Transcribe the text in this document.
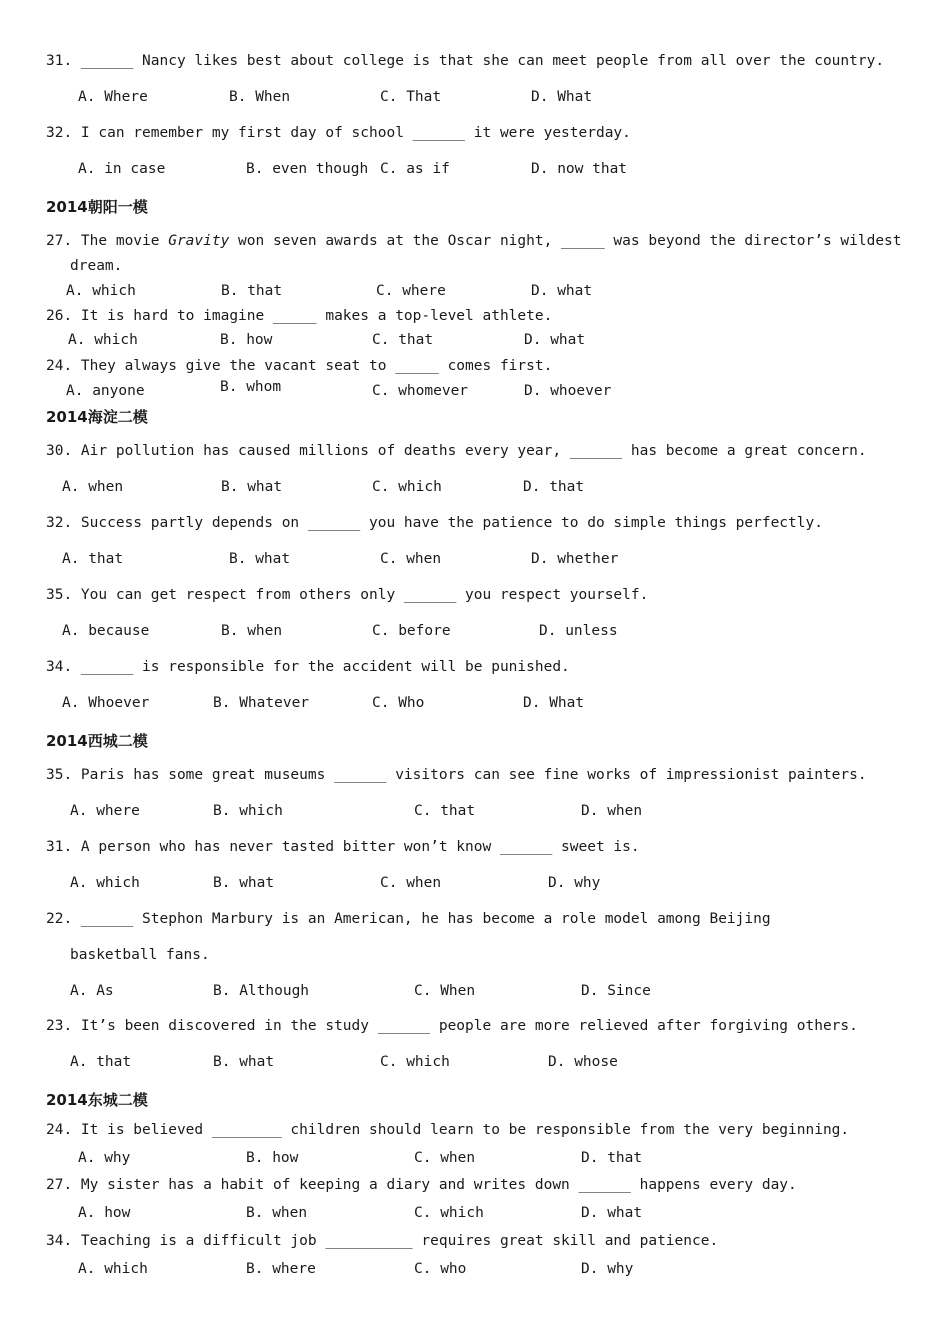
31. ______ Nancy likes best about college is that she can meet people from all over the country.
A. Where	B. When	C. That	D. What
32. I can remember my first day of school ______ it were yesterday.
A. in case	B. even though C. as if	D. now that
2014朝阳一模
27. The movie Gravity won seven awards at the Oscar night, _____ was beyond the director’s wildest
dream.
A. which	B. that	C. where	D. what
26. It is hard to imagine _____ makes a top-level athlete.
A. which	B. how	C. that	D. what
24. They always give the vacant seat to _____ comes first.
A. anyone	B. whom	C. whomever	D. whoever
2014海淀二模
30. Air pollution has caused millions of deaths every year, ______ has become a great concern.
A. when	B. what	C. which	D. that
32. Success partly depends on ______ you have the patience to do simple things perfectly.
A. that	B. what	C. when	D. whether
35. You can get respect from others only ______ you respect yourself.
A. because	B. when	C. before	D. unless
34. ______ is responsible for the accident will be punished.
A. Whoever	B. Whatever	C. Who	D. What
2014西城二模
35. Paris has some great museums ______ visitors can see fine works of impressionist painters.
A. where	B. which	C. that	D. when
31. A person who has never tasted bitter won’t know ______ sweet is.
A. which	B. what	C. when	D. why
22. ______ Stephon Marbury is an American, he has become a role model among Beijing
basketball fans.
A. As	B. Although	C. When	D. Since
23. It’s been discovered in the study ______ people are more relieved after forgiving others.
A. that	B. what	C. which	D. whose
2014东城二模
24. It is believed ________ children should learn to be responsible from the very beginning.
A. why	B. how	C. when	D. that
27. My sister has a habit of keeping a diary and writes down ______ happens every day.
A. how	B. when	C. which	D. what
34. Teaching is a difficult job __________ requires great skill and patience.
A. which	B. where	C. who	D. why
